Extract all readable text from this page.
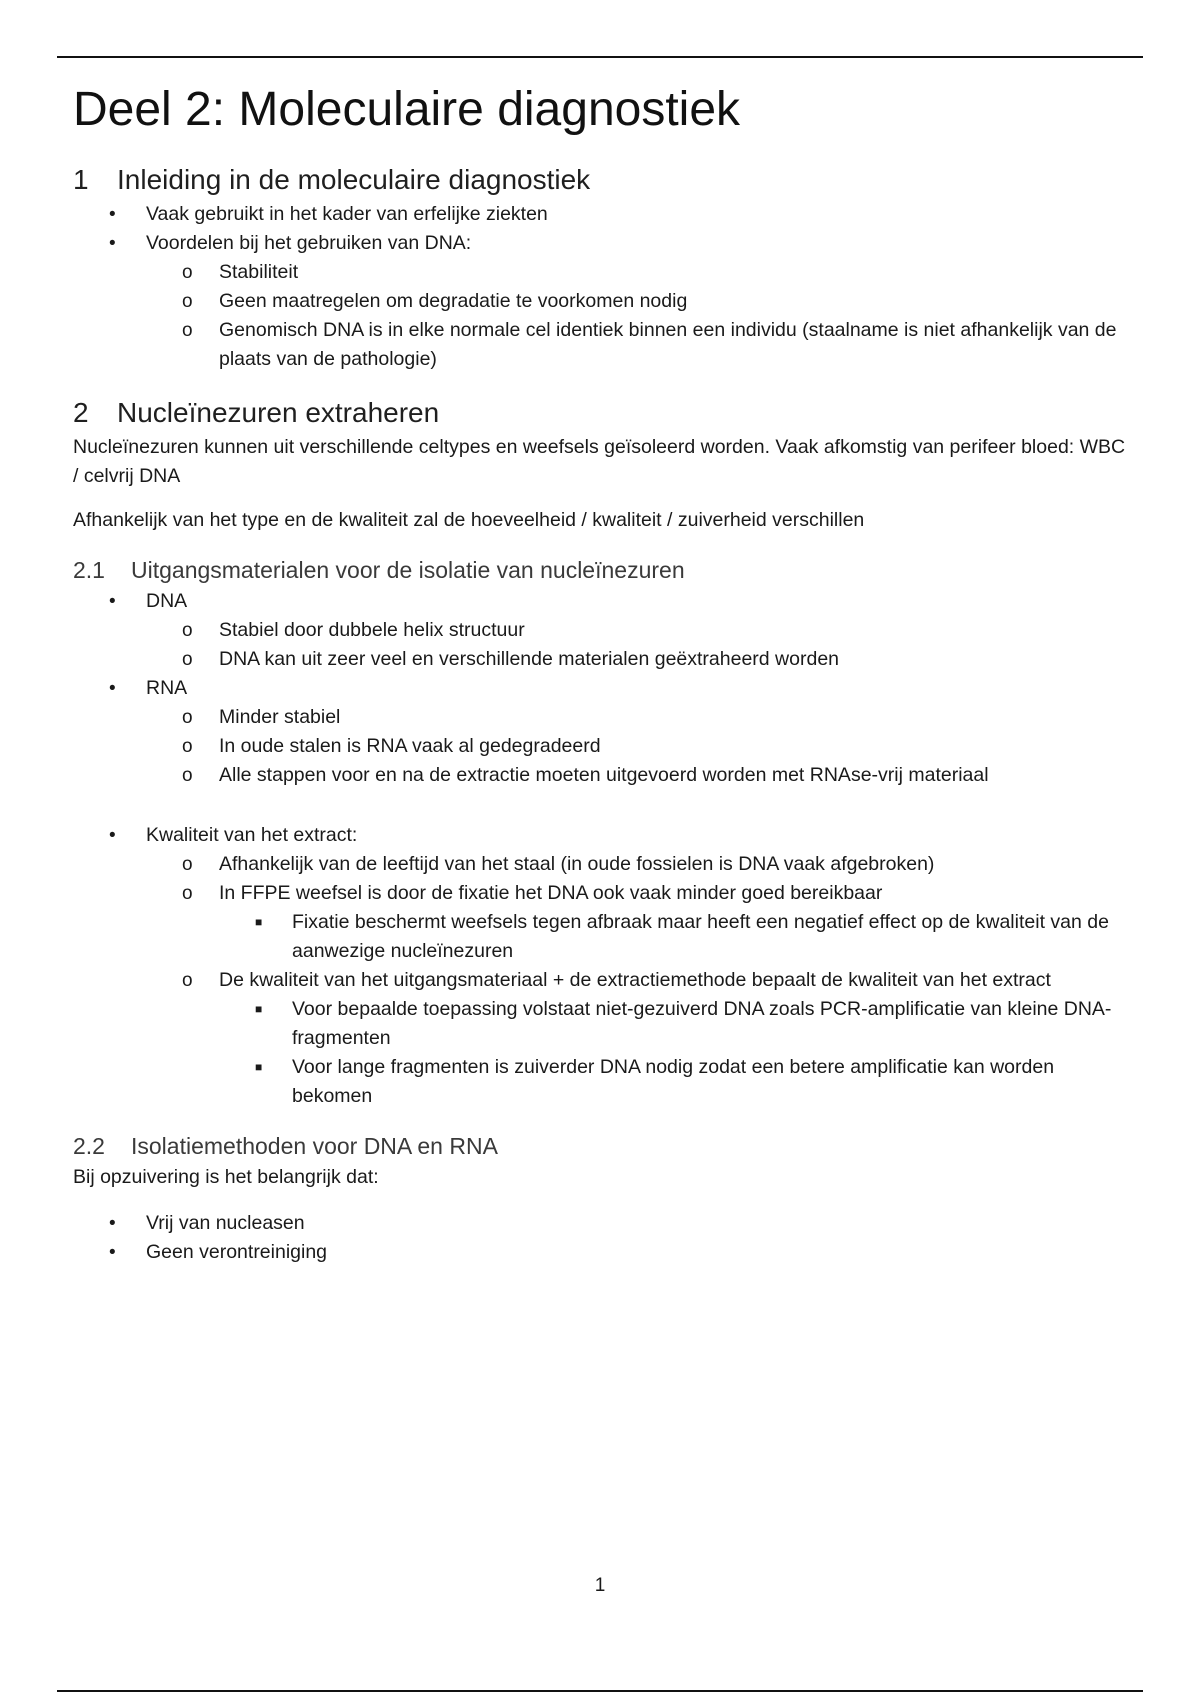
Deel 2: Moleculaire diagnostiek
1	Inleiding in de moleculaire diagnostiek
• Vaak gebruikt in het kader van erfelijke ziekten
• Voordelen bij het gebruiken van DNA:
o Stabiliteit
o Geen maatregelen om degradatie te voorkomen nodig
o Genomisch DNA is in elke normale cel identiek binnen een individu (staalname is niet afhankelijk van de plaats van de pathologie)
2	Nucleïnezuren extraheren

Nucleïnezuren kunnen uit verschillende celtypes en weefsels geïsoleerd worden. Vaak afkomstig van perifeer bloed: WBC / celvrij DNA

Afhankelijk van het type en de kwaliteit zal de hoeveelheid / kwaliteit / zuiverheid verschillen

2.1	Uitgangsmaterialen voor de isolatie van nucleïnezuren
• DNA
o Stabiel door dubbele helix structuur
o DNA kan uit zeer veel en verschillende materialen geëxtraheerd worden
• RNA
o Minder stabiel
o In oude stalen is RNA vaak al gedegradeerd
o Alle stappen voor en na de extractie moeten uitgevoerd worden met RNAse-vrij materiaal
• Kwaliteit van het extract:
o Afhankelijk van de leeftijd van het staal (in oude fossielen is DNA vaak afgebroken)
o In FFPE weefsel is door de fixatie het DNA ook vaak minder goed bereikbaar
■ Fixatie beschermt weefsels tegen afbraak maar heeft een negatief effect op de kwaliteit van de aanwezige nucleïnezuren
o De kwaliteit van het uitgangsmateriaal + de extractiemethode bepaalt de kwaliteit van het extract
■ Voor bepaalde toepassing volstaat niet-gezuiverd DNA zoals PCR-amplificatie van kleine DNA-fragmenten
■ Voor lange fragmenten is zuiverder DNA nodig zodat een betere amplificatie kan worden bekomen
2.2	Isolatiemethoden voor DNA en RNA

Bij opzuivering is het belangrijk dat:

• Vrij van nucleasen
• Geen verontreiniging
1
